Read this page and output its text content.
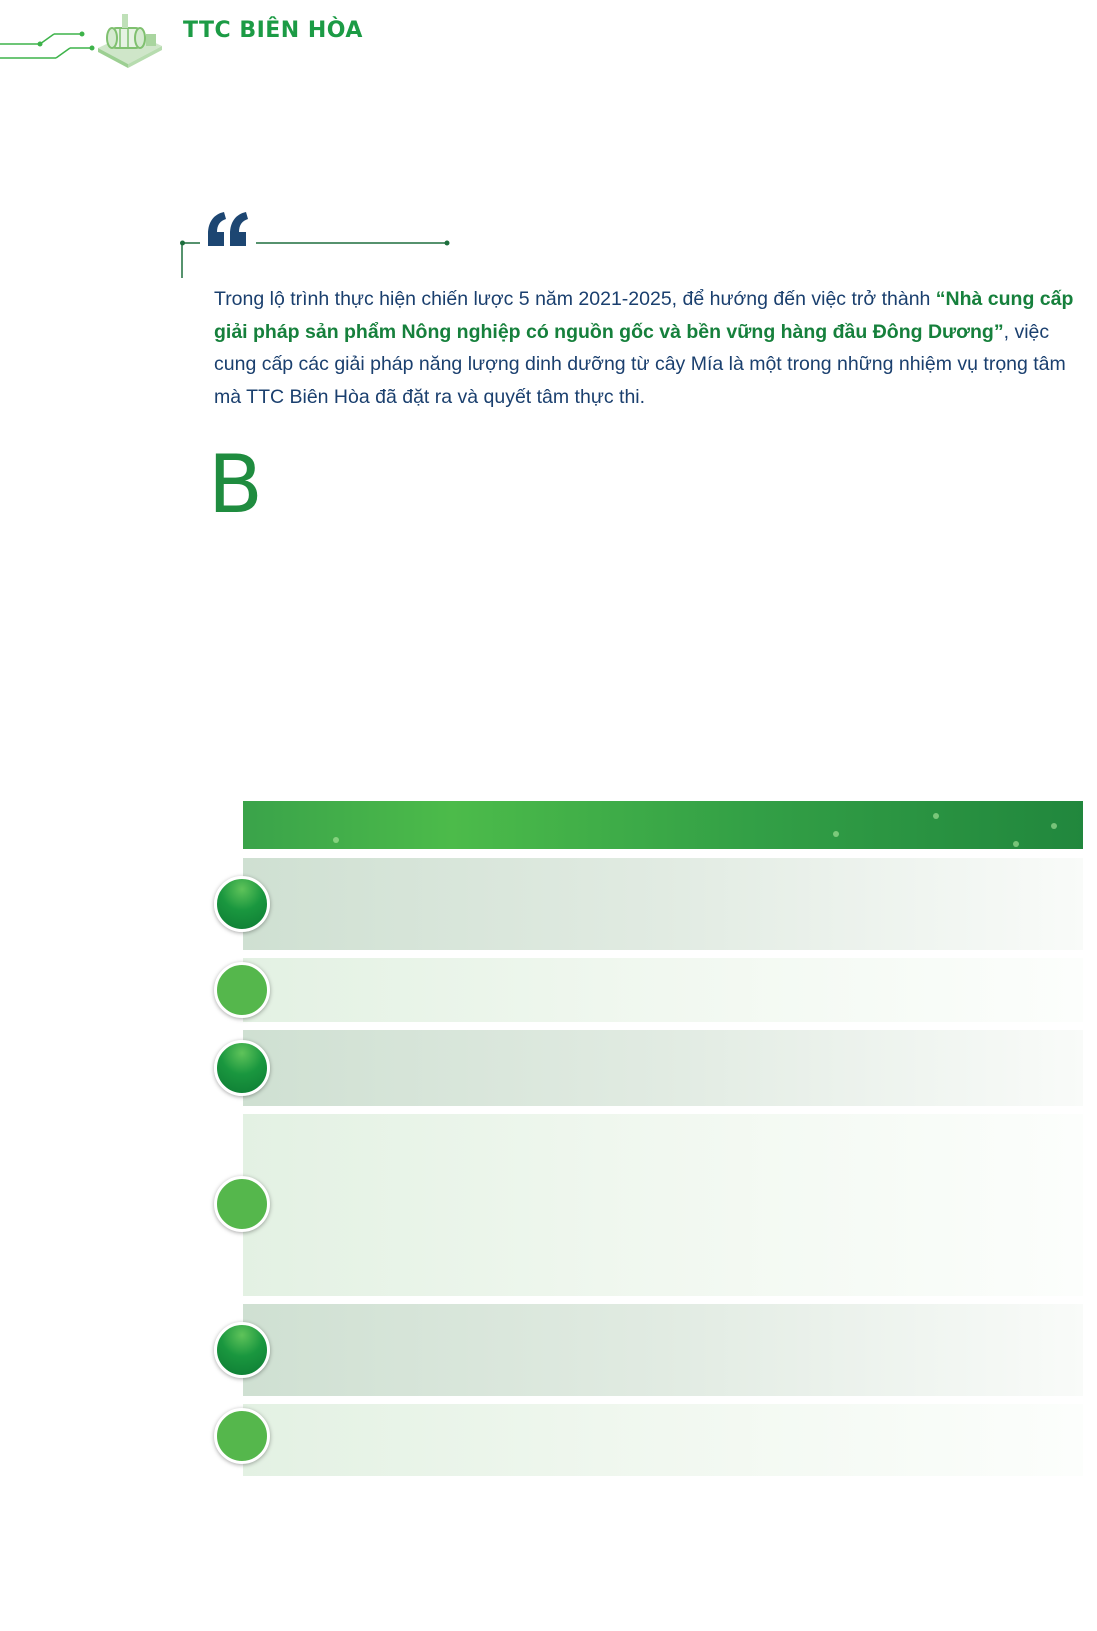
TTC BIÊN HÒA

Trong lộ trình thực hiện chiến lược 5 năm 2021-2025, để hướng đến việc trở thành “Nhà cung cấp giải pháp sản phẩm Nông nghiệp có nguồn gốc và bền vững hàng đầu Đông Dương”, việc cung cấp các giải pháp năng lượng dinh dưỡng từ cây Mía là một trong những nhiệm vụ trọng tâm mà TTC Biên Hòa đã đặt ra và quyết tâm thực thi.

B
